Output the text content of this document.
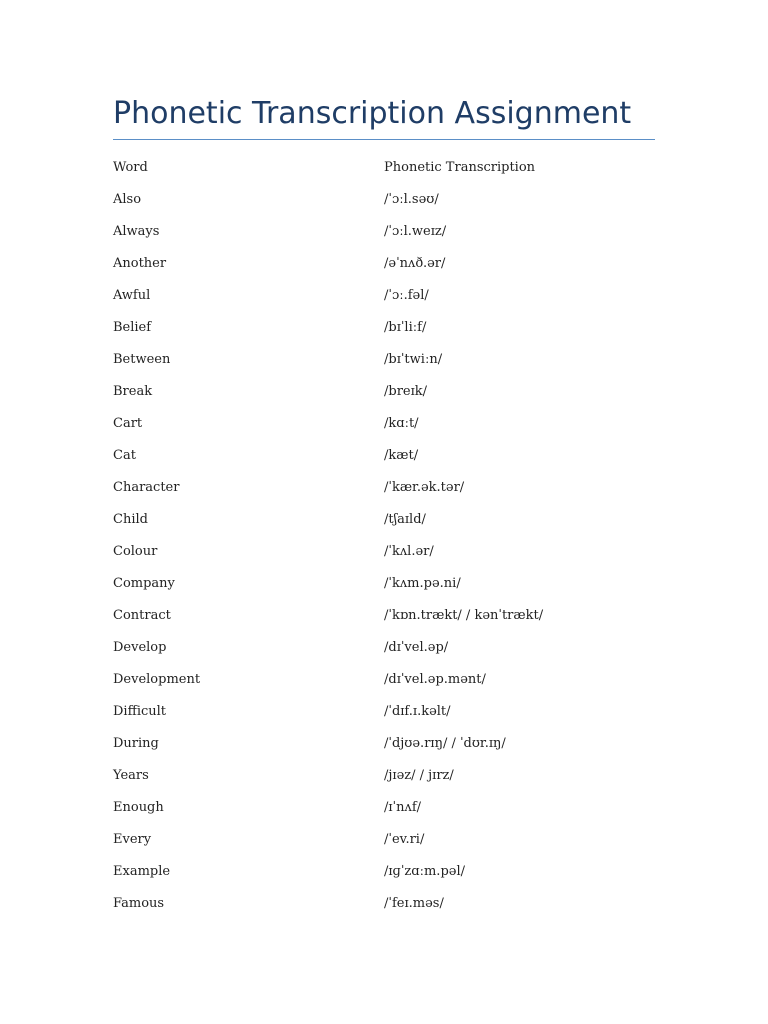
Phonetic Transcription Assignment
Word	Phonetic Transcription
Also	/ˈɔːl.səʊ/
Always	/ˈɔːl.weɪz/
Another	/əˈnʌð.ər/
Awful	/ˈɔː.fəl/
Belief	/bɪˈliːf/
Between	/bɪˈtwiːn/
Break	/breɪk/
Cart	/kɑːt/
Cat	/kæt/
Character	/ˈkær.ək.tər/
Child	/tʃaɪld/
Colour	/ˈkʌl.ər/
Company	/ˈkʌm.pə.ni/
Contract	/ˈkɒn.trækt/ / kənˈtrækt/
Develop	/dɪˈvel.əp/
Development	/dɪˈvel.əp.mənt/
Difficult	/ˈdɪf.ɪ.kəlt/
During	/ˈdjʊə.rɪŋ/ / ˈdʊr.ɪŋ/
Years	/jɪəz/ / jɪrz/
Enough	/ɪˈnʌf/
Every	/ˈev.ri/
Example	/ɪɡˈzɑːm.pəl/
Famous	/ˈfeɪ.məs/
